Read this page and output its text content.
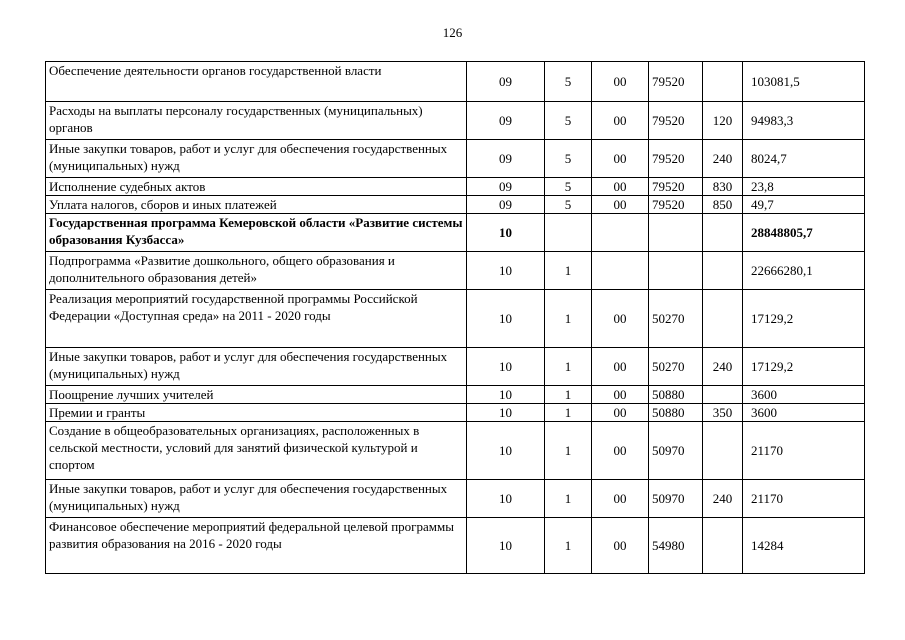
126
Обеспечение деятельности органов государственной власти	09	5	00	79520		103081,5
Расходы на выплаты персоналу государственных (муниципальных) органов	09	5	00	79520	120	94983,3
Иные закупки товаров, работ и услуг для обеспечения государственных (муниципальных) нужд	09	5	00	79520	240	8024,7
Исполнение судебных актов	09	5	00	79520	830	23,8
Уплата налогов, сборов и иных платежей	09	5	00	79520	850	49,7
Государственная программа Кемеровской области «Развитие системы образования Кузбасса»	10					28848805,7
Подпрограмма «Развитие дошкольного, общего образования и дополнительного образования детей»	10	1				22666280,1
Реализация мероприятий государственной программы Российской Федерации «Доступная среда» на 2011 - 2020 годы	10	1	00	50270		17129,2
Иные закупки товаров, работ и услуг для обеспечения государственных (муниципальных) нужд	10	1	00	50270	240	17129,2
Поощрение лучших учителей	10	1	00	50880		3600
Премии и гранты	10	1	00	50880	350	3600
Создание в общеобразовательных организациях, расположенных в сельской местности, условий для занятий физической культурой и спортом	10	1	00	50970		21170
Иные закупки товаров, работ и услуг для обеспечения государственных (муниципальных) нужд	10	1	00	50970	240	21170
Финансовое обеспечение мероприятий федеральной целевой программы развития образования на 2016 - 2020 годы	10	1	00	54980		14284
